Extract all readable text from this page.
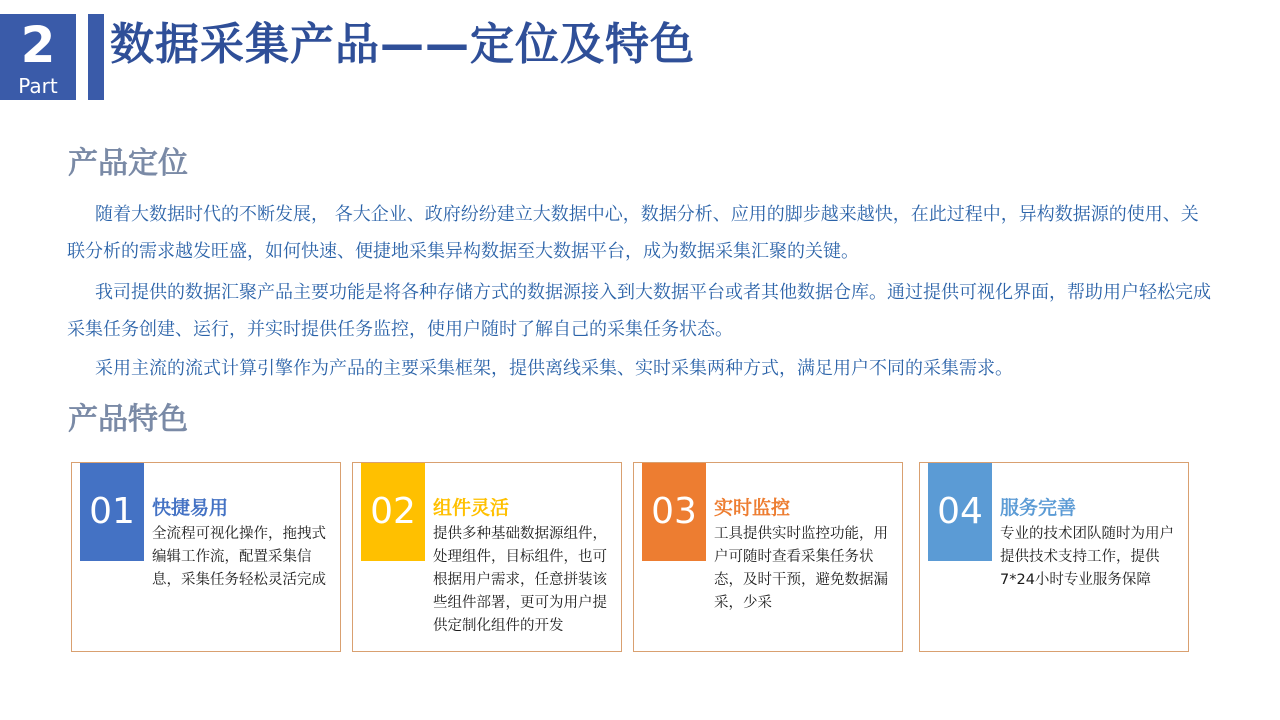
2
Part
数据采集产品——定位及特色
产品定位

随着大数据时代的不断发展， 各大企业、政府纷纷建立大数据中心，数据分析、应用的脚步越来越快，在此过程中，异构数据源的使用、关联分析的需求越发旺盛，如何快速、便捷地采集异构数据至大数据平台，成为数据采集汇聚的关键。

我司提供的数据汇聚产品主要功能是将各种存储方式的数据源接入到大数据平台或者其他数据仓库。通过提供可视化界面，帮助用户轻松完成采集任务创建、运行，并实时提供任务监控，使用户随时了解自己的采集任务状态。

采用主流的流式计算引擎作为产品的主要采集框架，提供离线采集、实时采集两种方式，满足用户不同的采集需求。

产品特色
01 快捷易用

全流程可视化操作，拖拽式编辑工作流，配置采集信息，采集任务轻松灵活完成

02 组件灵活

提供多种基础数据源组件，处理组件，目标组件，也可根据用户需求，任意拼装该些组件部署，更可为用户提供定制化组件的开发

03 实时监控

工具提供实时监控功能，用户可随时查看采集任务状态，及时干预，避免数据漏采，少采

04 服务完善

专业的技术团队随时为用户提供技术支持工作，提供7*24小时专业服务保障
